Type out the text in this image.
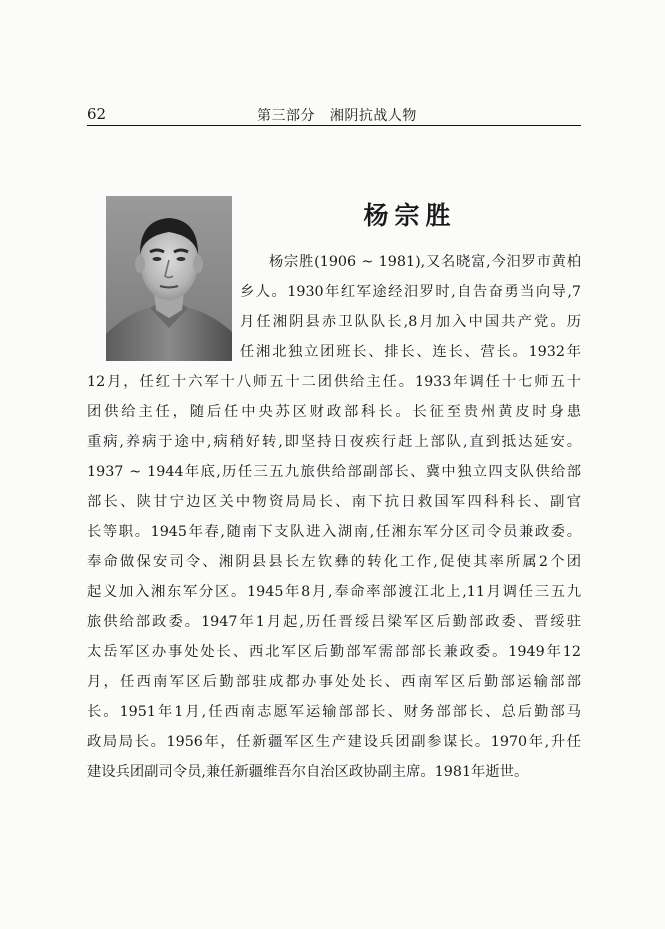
62	第三部分   湘阴抗战人物
杨宗胜
杨宗胜(1906 ~ 1981),又名晓富,今汨罗市黄柏
乡人。1930年红军途经汨罗时,自告奋勇当向导,7
月任湘阴县赤卫队队长,8月加入中国共产党。历
任湘北独立团班长、排长、连长、营长。1932年
12月，任红十六军十八师五十二团供给主任。1933年调任十七师五十
团供给主任，随后任中央苏区财政部科长。长征至贵州黄皮时身患
重病,养病于途中,病稍好转,即坚持日夜疾行赶上部队,直到抵达延安。
1937 ~ 1944年底,历任三五九旅供给部副部长、冀中独立四支队供给部
部长、陕甘宁边区关中物资局局长、南下抗日救国军四科科长、副官
长等职。1945年春,随南下支队进入湖南,任湘东军分区司令员兼政委。
奉命做保安司令、湘阴县县长左钦彝的转化工作,促使其率所属2个团
起义加入湘东军分区。1945年8月,奉命率部渡江北上,11月调任三五九
旅供给部政委。1947年1月起,历任晋绥吕梁军区后勤部政委、晋绥驻
太岳军区办事处处长、西北军区后勤部军需部部长兼政委。1949年12
月，任西南军区后勤部驻成都办事处处长、西南军区后勤部运输部部
长。1951年1月,任西南志愿军运输部部长、财务部部长、总后勤部马
政局局长。1956年，任新疆军区生产建设兵团副参谋长。1970年,升任
建设兵团副司令员,兼任新疆维吾尔自治区政协副主席。1981年逝世。
